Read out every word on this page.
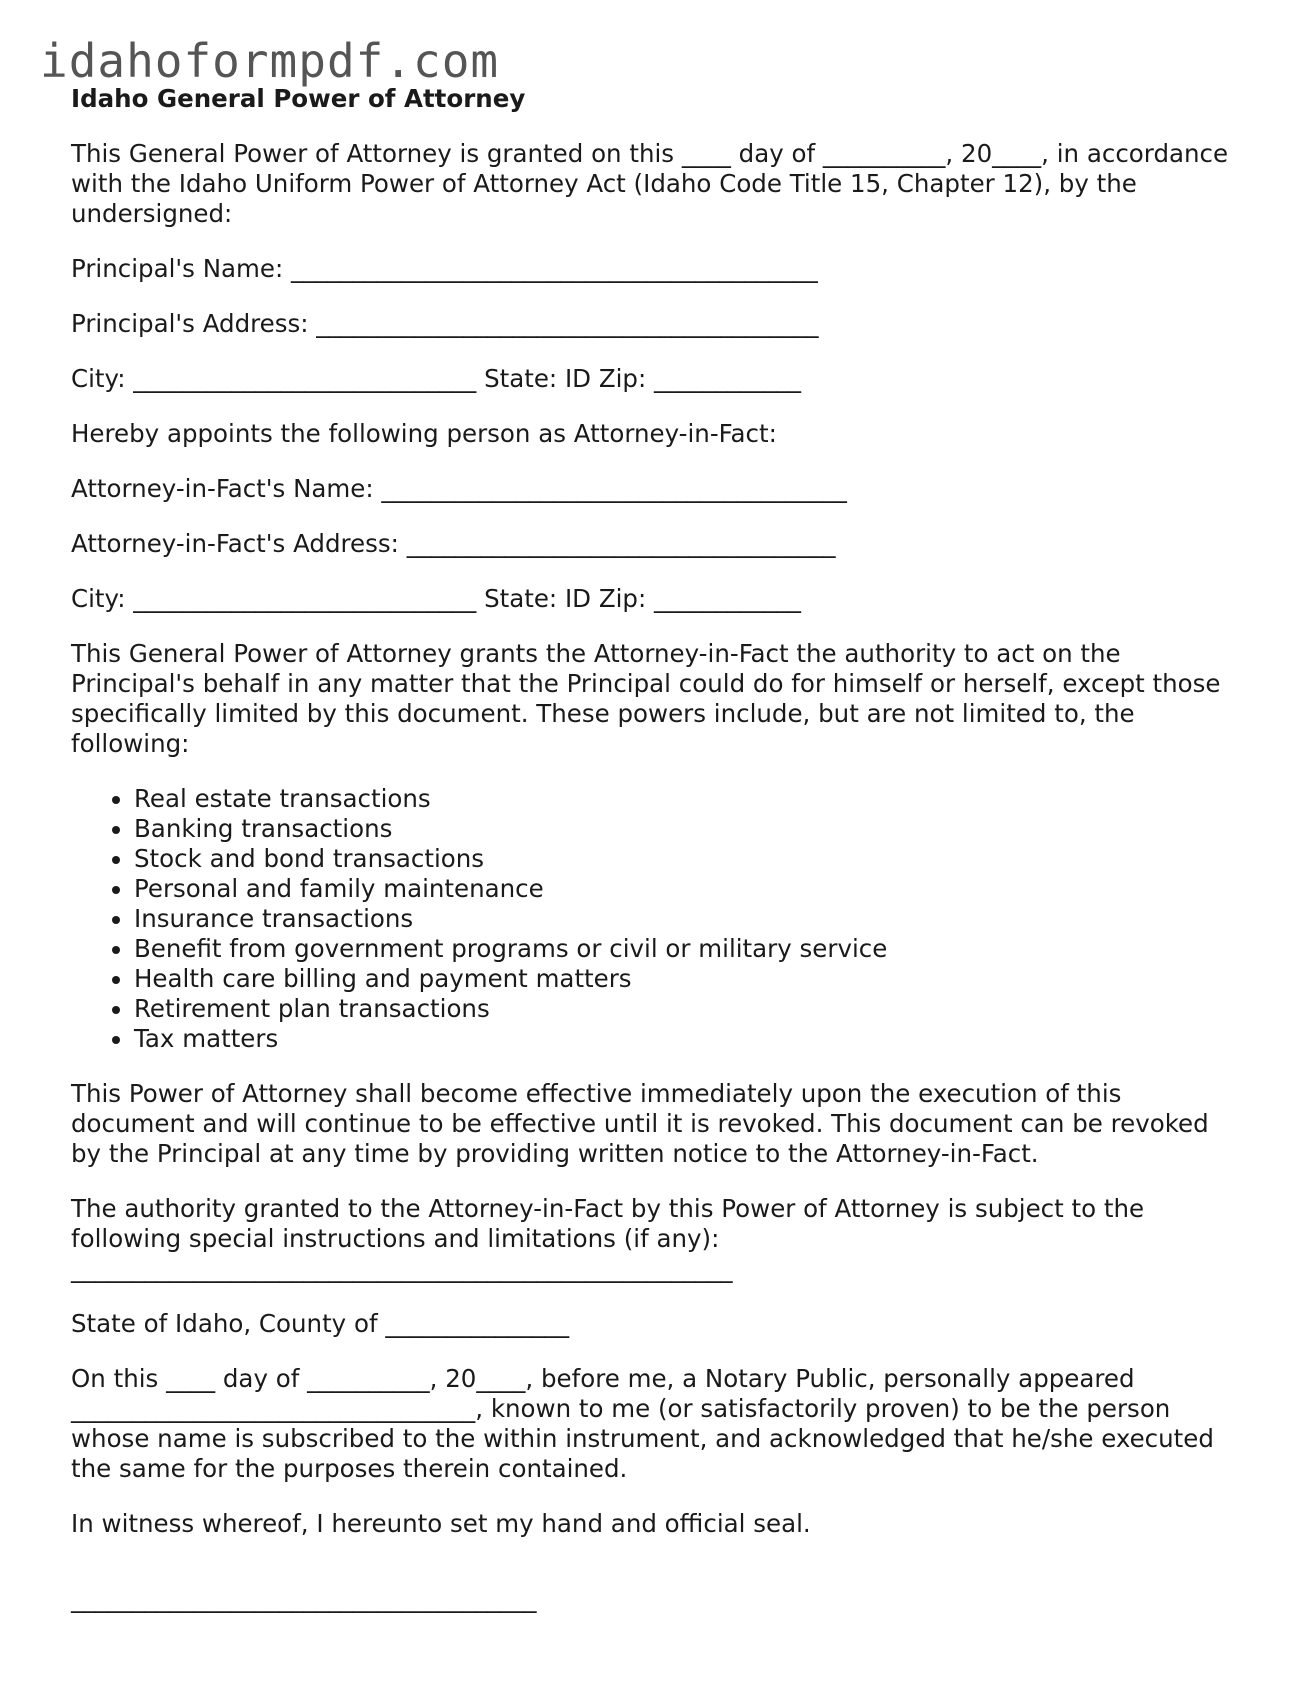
idahoformpdf.com
Idaho General Power of Attorney

This General Power of Attorney is granted on this ____ day of __________, 20____, in accordance with the Idaho Uniform Power of Attorney Act (Idaho Code Title 15, Chapter 12), by the undersigned:

Principal's Name: ___________________________________________

Principal's Address: _________________________________________

City: ____________________________ State: ID Zip: ____________

Hereby appoints the following person as Attorney-in-Fact:

Attorney-in-Fact's Name: ______________________________________

Attorney-in-Fact's Address: ___________________________________

City: ____________________________ State: ID Zip: ____________

This General Power of Attorney grants the Attorney-in-Fact the authority to act on the Principal's behalf in any matter that the Principal could do for himself or herself, except those specifically limited by this document. These powers include, but are not limited to, the following:

• Real estate transactions
• Banking transactions
• Stock and bond transactions
• Personal and family maintenance
• Insurance transactions
• Benefit from government programs or civil or military service
• Health care billing and payment matters
• Retirement plan transactions
• Tax matters

This Power of Attorney shall become effective immediately upon the execution of this document and will continue to be effective until it is revoked. This document can be revoked by the Principal at any time by providing written notice to the Attorney-in-Fact.

The authority granted to the Attorney-in-Fact by this Power of Attorney is subject to the following special instructions and limitations (if any):

______________________________________________________

State of Idaho, County of _______________

On this ____ day of __________, 20____, before me, a Notary Public, personally appeared _________________________________, known to me (or satisfactorily proven) to be the person whose name is subscribed to the within instrument, and acknowledged that he/she executed the same for the purposes therein contained.

In witness whereof, I hereunto set my hand and official seal.

______________________________________
